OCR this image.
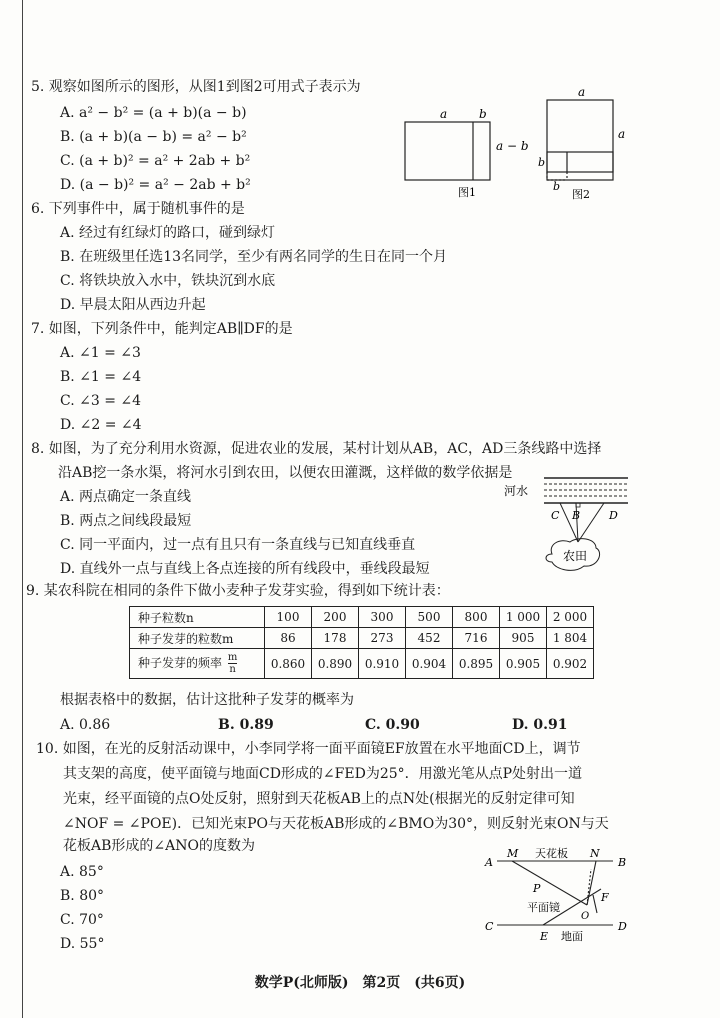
5. 观察如图所示的图形，从图1到图2可用式子表示为
A. a² − b² = (a + b)(a − b)
B. (a + b)(a − b) = a² − b²
C. (a + b)² = a² + 2ab + b²
D. (a − b)² = a² − 2ab + b²
a	b
a − b
图1
a
a
b
b
图2
6. 下列事件中，属于随机事件的是
A. 经过有红绿灯的路口，碰到绿灯
B. 在班级里任选13名同学，至少有两名同学的生日在同一个月
C. 将铁块放入水中，铁块沉到水底
D. 早晨太阳从西边升起
7. 如图，下列条件中，能判定AB∥DF的是
A. ∠1 = ∠3
B. ∠1 = ∠4
C. ∠3 = ∠4
D. ∠2 = ∠4
8. 如图，为了充分利用水资源，促进农业的发展，某村计划从AB，AC，AD三条线路中选择
沿AB挖一条水渠，将河水引到农田，以便农田灌溉，这样做的数学依据是
A. 两点确定一条直线
B. 两点之间线段最短
C. 同一平面内，过一点有且只有一条直线与已知直线垂直
D. 直线外一点与直线上各点连接的所有线段中，垂线段最短
河水
C B	D
农田
9. 某农科院在相同的条件下做小麦种子发芽实验，得到如下统计表：
种子粒数n	100	200	300	500	800	1 000	2 000
种子发芽的粒数m	86	178	273	452	716	905	1 804
种子发芽的频率 $\frac{m}{n}$	0.860	0.890	0.910	0.904	0.895	0.905	0.902
根据表格中的数据，估计这批种子发芽的概率为
A. 0.86	B. 0.89	C. 0.90	D. 0.91
10. 如图，在光的反射活动课中，小李同学将一面平面镜EF放置在水平地面CD上，调节
其支架的高度，使平面镜与地面CD形成的∠FED为25°．用激光笔从点P处射出一道
光束，经平面镜的点O处反射，照射到天花板AB上的点N处(根据光的反射定律可知
∠NOF = ∠POE)．已知光束PO与天花板AB形成的∠BMO为30°，则反射光束ON与天
花板AB形成的∠ANO的度数为
A. 85°
B. 80°
C. 70°
D. 55°
A
M 天花板 N
B
P
平面镜
O
F
C
E 地面
D
数学P(北师版)　第2页　(共6页)
